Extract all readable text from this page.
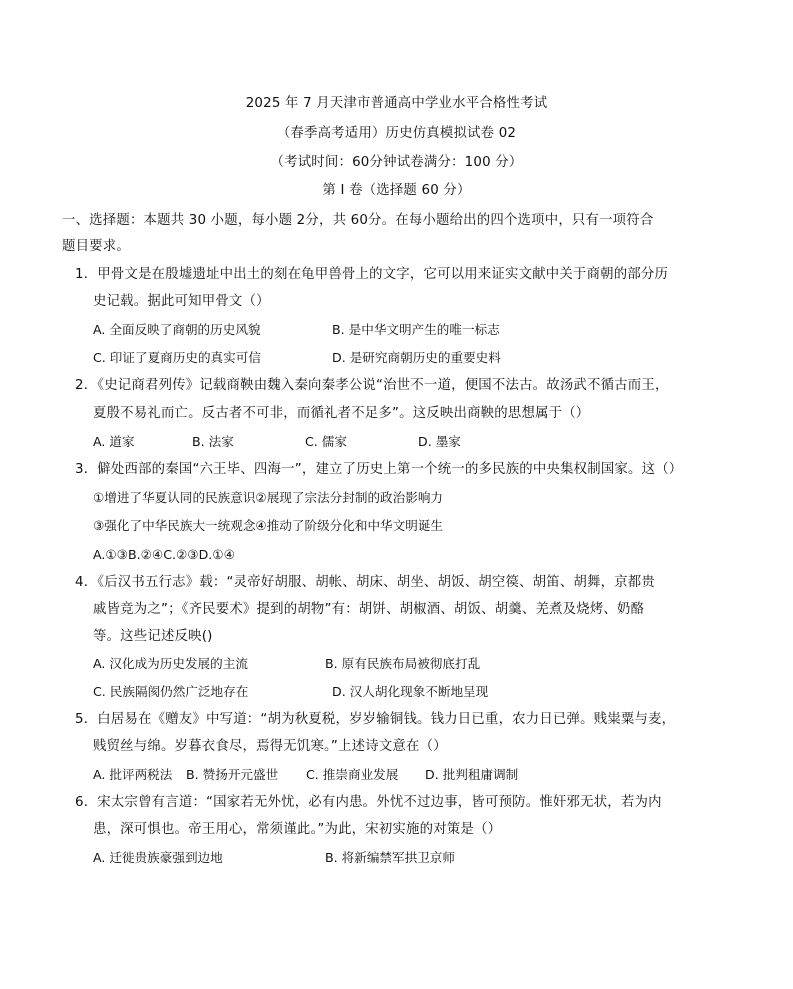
2025 年 7 月天津市普通高中学业水平合格性考试
（春季高考适用）历史仿真模拟试卷 02
（考试时间：60分钟试卷满分：100 分）
第 I 卷（选择题 60 分）
一、选择题：本题共 30 小题，每小题 2分，共 60分。在每小题给出的四个选项中，只有一项符合
题目要求。
1．甲骨文是在殷墟遗址中出土的刻在龟甲兽骨上的文字，它可以用来证实文献中关于商朝的部分历
史记载。据此可知甲骨文（）
A. 全面反映了商朝的历史风貌	B. 是中华文明产生的唯一标志
C. 印证了夏商历史的真实可信	D. 是研究商朝历史的重要史料
2．《史记商君列传》记载商鞅由魏入秦向秦孝公说“治世不一道，便国不法古。故汤武不循古而王，
夏殷不易礼而亡。反古者不可非，而循礼者不足多”。这反映出商鞅的思想属于（）
A. 道家	B. 法家	C. 儒家	D. 墨家
3．僻处西部的秦国“六王毕、四海一”，建立了历史上第一个统一的多民族的中央集权制国家。这（）
①增进了华夏认同的民族意识②展现了宗法分封制的政治影响力
③强化了中华民族大一统观念④推动了阶级分化和中华文明诞生
A.①③B.②④C.②③D.①④
4．《后汉书五行志》载：“灵帝好胡服、胡帐、胡床、胡坐、胡饭、胡空篌、胡笛、胡舞，京都贵
戚皆竞为之”；《齐民要术》提到的胡物”有：胡饼、胡椒酒、胡饭、胡羹、羌煮及烧烤、奶酪
等。这些记述反映()
A. 汉化成为历史发展的主流	B. 原有民族布局被彻底打乱
C. 民族隔阂仍然广泛地存在	D. 汉人胡化现象不断地呈现
5．白居易在《赠友》中写道：“胡为秋夏税，岁岁输铜钱。钱力日已重，农力日已弹。贱粜粟与麦，
贱贸丝与绵。岁暮衣食尽，焉得无饥寒。”上述诗文意在（）
A. 批评两税法 B. 赞扬开元盛世 C. 推崇商业发展 D. 批判租庸调制
6．宋太宗曾有言道：“国家若无外忧，必有内患。外忧不过边事，皆可预防。惟奸邪无状，若为内
患，深可惧也。帝王用心，常须谨此。”为此，宋初实施的对策是（）
A. 迁徙贵族豪强到边地	B. 将新编禁军拱卫京师
